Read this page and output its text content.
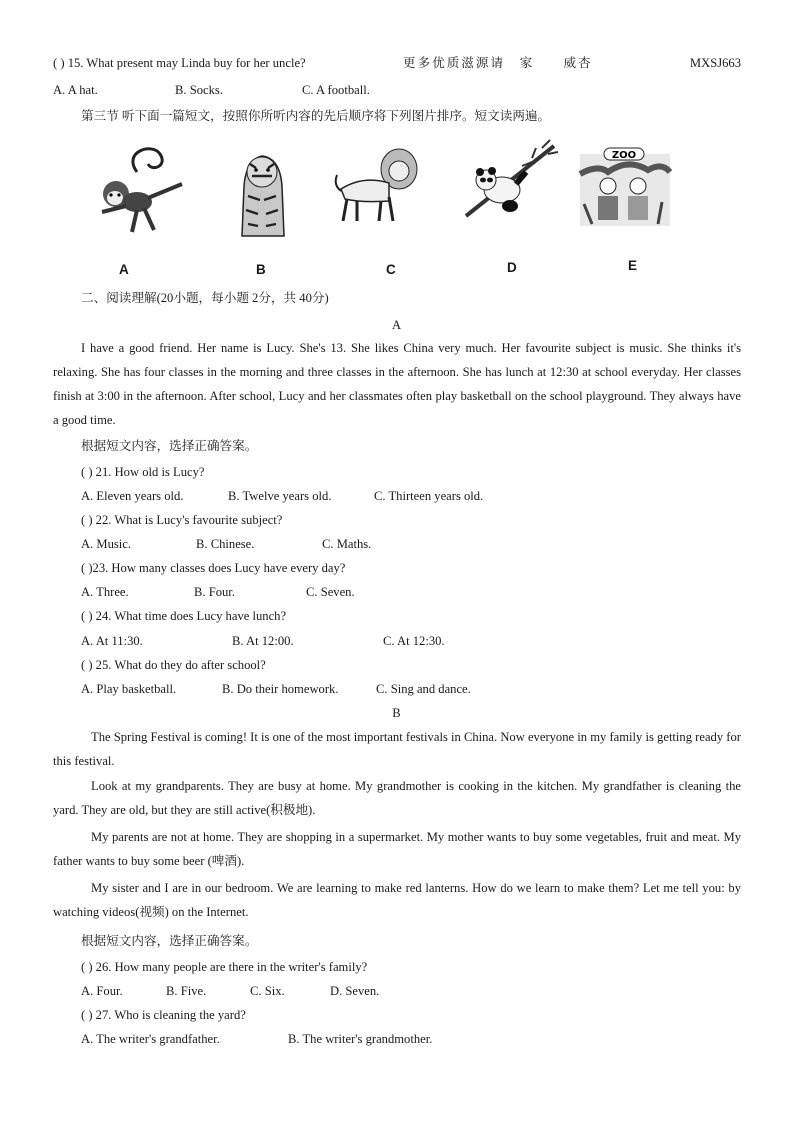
( ) 15. What present may Linda buy for her uncle?	更多优质滋源请　家　　威杏	MXSJ663
A. A hat.	B. Socks.	C. A football.
第三节 听下面一篇短文，按照你所听内容的先后顺序将下列图片排序。短文读两遍。
ZOO
A	B	C	D	E
二、阅读理解(20小题，每小题 2分，共 40分)
A
I have a good friend. Her name is Lucy. She's 13. She likes China very much. Her favourite subject is music. She thinks it's relaxing. She has four classes in the morning and three classes in the afternoon. She has lunch at 12:30 at school everyday. Her classes finish at 3:00 in the afternoon. After school, Lucy and her classmates often play basketball on the school playground. They always have a good time.
根据短文内容，选择正确答案。
( ) 21. How old is Lucy?
A. Eleven years old.	B. Twelve years old.	C. Thirteen years old.
( ) 22. What is Lucy's favourite subject?
A. Music.	B. Chinese.	C. Maths.
( )23. How many classes does Lucy have every day?
A. Three.	B. Four.	C. Seven.
( ) 24. What time does Lucy have lunch?
A. At 11:30.	B. At 12:00.	C. At 12:30.
( ) 25. What do they do after school?
A. Play basketball.	B. Do their homework.	C. Sing and dance.
B
The Spring Festival is coming! It is one of the most important festivals in China. Now everyone in my family is getting ready for this festival.
Look at my grandparents. They are busy at home. My grandmother is cooking in the kitchen. My grandfather is cleaning the yard. They are old, but they are still active(积极地).
My parents are not at home. They are shopping in a supermarket. My mother wants to buy some vegetables, fruit and meat. My father wants to buy some beer (啤酒).
My sister and I are in our bedroom. We are learning to make red lanterns. How do we learn to make them? Let me tell you: by watching videos(视频) on the Internet.
根据短文内容，选择正确答案。
( ) 26. How many people are there in the writer's family?
A. Four.	B. Five.	C. Six.	D. Seven.
( ) 27. Who is cleaning the yard?
A. The writer's grandfather.	B. The writer's grandmother.
